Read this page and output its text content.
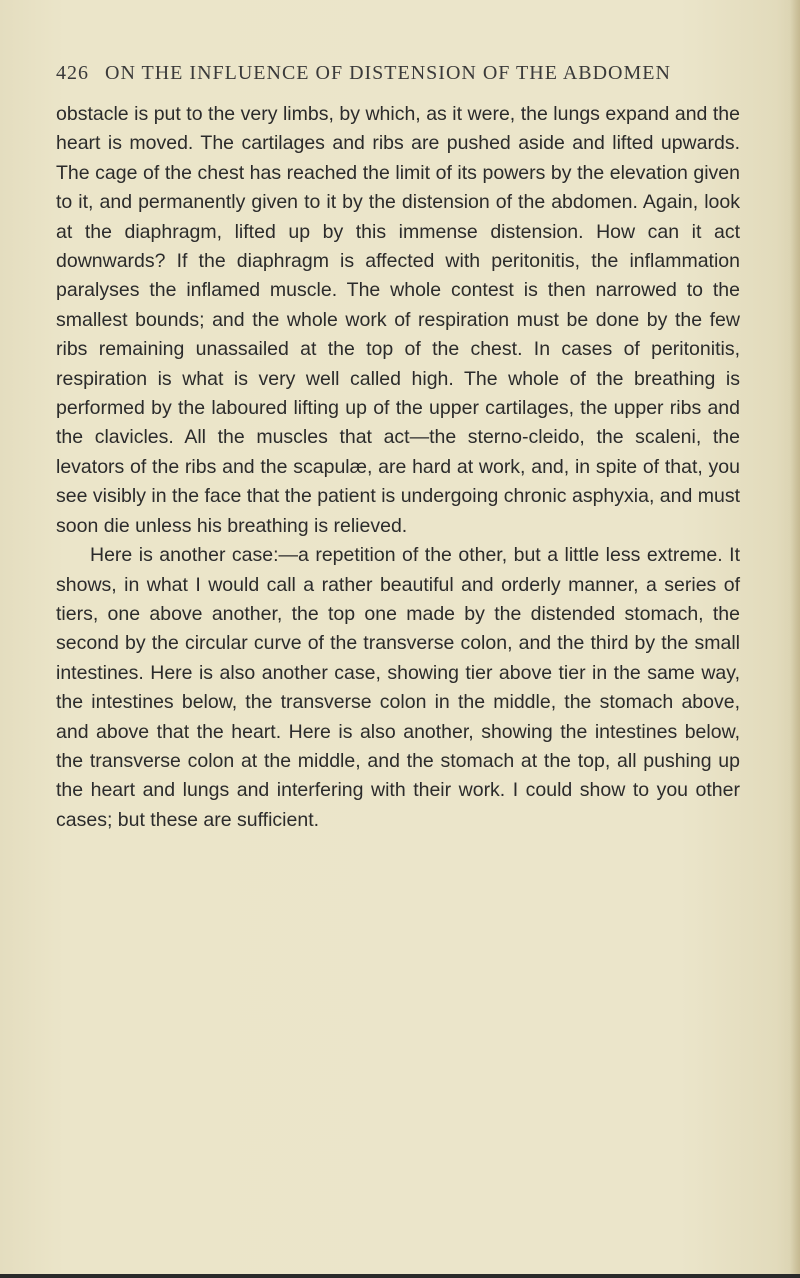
426 ON THE INFLUENCE OF DISTENSION OF THE ABDOMEN

obstacle is put to the very limbs, by which, as it were, the lungs expand and the heart is moved. The cartilages and ribs are pushed aside and lifted upwards. The cage of the chest has reached the limit of its powers by the elevation given to it, and permanently given to it by the distension of the abdomen. Again, look at the diaphragm, lifted up by this immense distension. How can it act downwards? If the diaphragm is affected with peritonitis, the inflammation paralyses the inflamed muscle. The whole contest is then narrowed to the smallest bounds; and the whole work of respiration must be done by the few ribs remaining unassailed at the top of the chest. In cases of peritonitis, respiration is what is very well called high. The whole of the breathing is performed by the laboured lifting up of the upper cartilages, the upper ribs and the clavicles. All the muscles that act—the sterno-cleido, the scaleni, the levators of the ribs and the scapulæ, are hard at work, and, in spite of that, you see visibly in the face that the patient is undergoing chronic asphyxia, and must soon die unless his breathing is relieved.

Here is another case:—a repetition of the other, but a little less extreme. It shows, in what I would call a rather beautiful and orderly manner, a series of tiers, one above another, the top one made by the distended stomach, the second by the circular curve of the transverse colon, and the third by the small intestines. Here is also another case, showing tier above tier in the same way, the intestines below, the transverse colon in the middle, the stomach above, and above that the heart. Here is also another, showing the intestines below, the transverse colon at the middle, and the stomach at the top, all pushing up the heart and lungs and interfering with their work. I could show to you other cases; but these are sufficient.
